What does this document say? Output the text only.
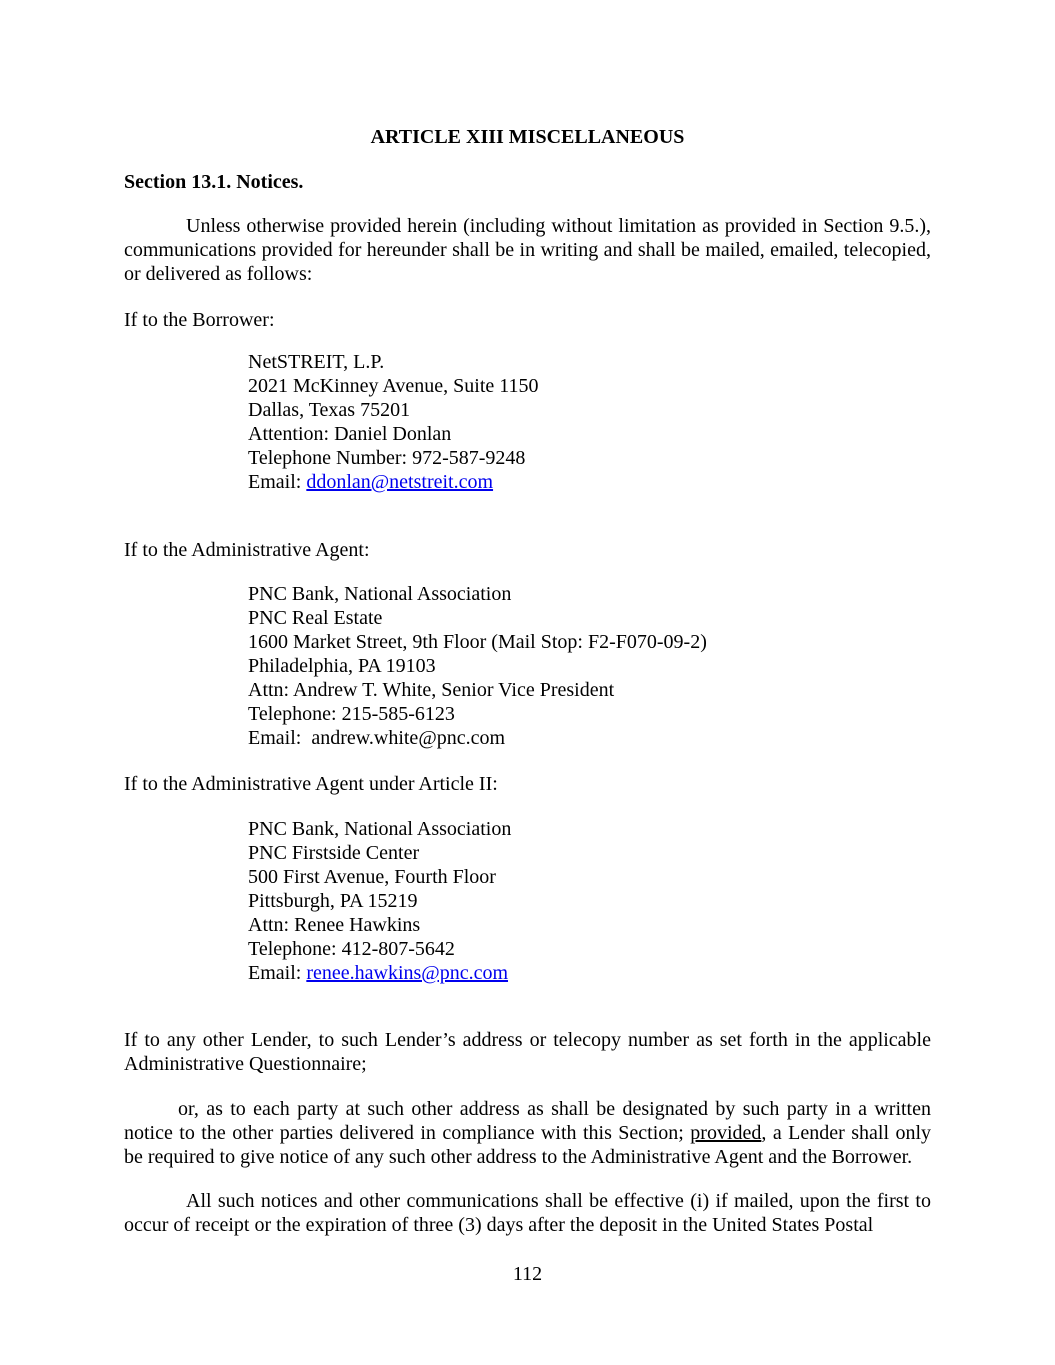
ARTICLE XIII MISCELLANEOUS
Section 13.1. Notices.
Unless otherwise provided herein (including without limitation as provided in Section 9.5.), communications provided for hereunder shall be in writing and shall be mailed, emailed, telecopied, or delivered as follows:
If to the Borrower:
NetSTREIT, L.P.
2021 McKinney Avenue, Suite 1150
Dallas, Texas 75201
Attention: Daniel Donlan
Telephone Number: 972-587-9248
Email: ddonlan@netstreit.com
If to the Administrative Agent:
PNC Bank, National Association
PNC Real Estate
1600 Market Street, 9th Floor (Mail Stop: F2-F070-09-2)
Philadelphia, PA 19103
Attn: Andrew T. White, Senior Vice President
Telephone: 215-585-6123
Email:  andrew.white@pnc.com
If to the Administrative Agent under Article II:
PNC Bank, National Association
PNC Firstside Center
500 First Avenue, Fourth Floor
Pittsburgh, PA 15219
Attn: Renee Hawkins
Telephone: 412-807-5642
Email: renee.hawkins@pnc.com
If to any other Lender, to such Lender’s address or telecopy number as set forth in the applicable Administrative Questionnaire;
or, as to each party at such other address as shall be designated by such party in a written notice to the other parties delivered in compliance with this Section; provided, a Lender shall only be required to give notice of any such other address to the Administrative Agent and the Borrower.
All such notices and other communications shall be effective (i) if mailed, upon the first to occur of receipt or the expiration of three (3) days after the deposit in the United States Postal
112
